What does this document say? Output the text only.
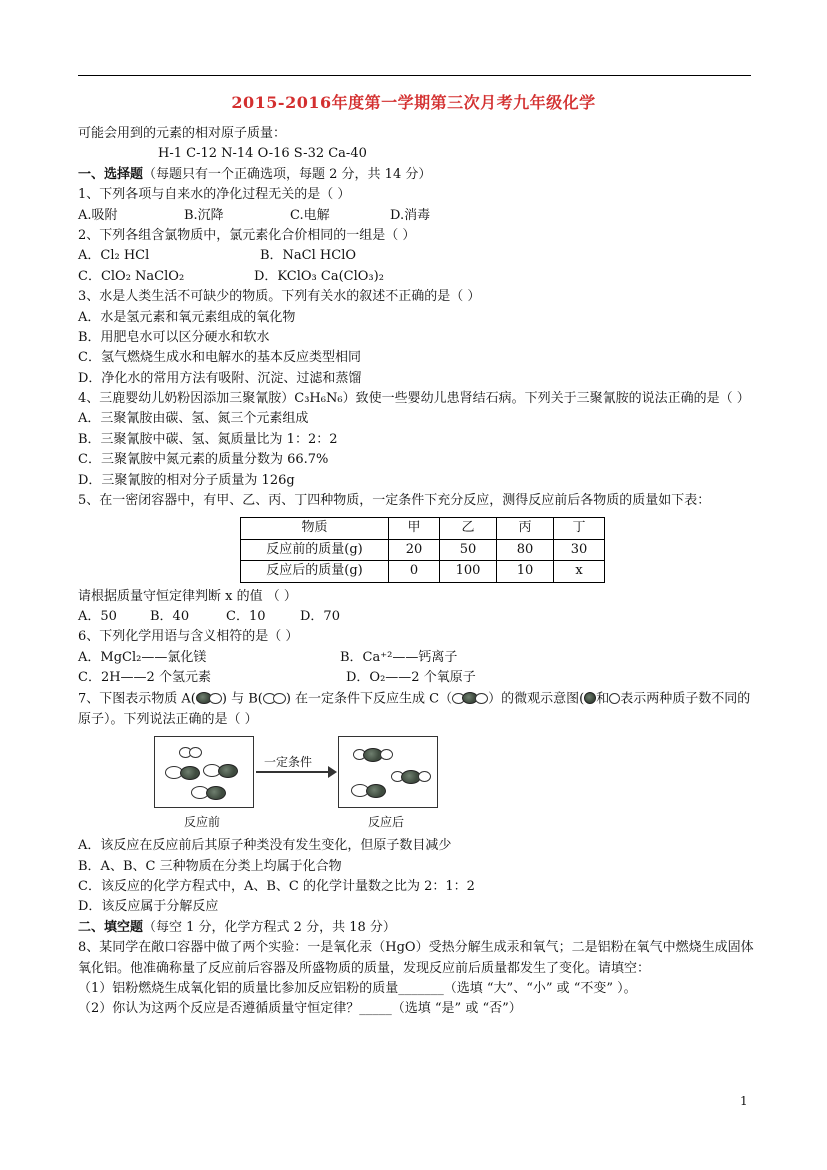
2015-2016年度第一学期第三次月考九年级化学
可能会用到的元素的相对原子质量：
H-1 C-12 N-14 O-16 S-32 Ca-40
一、选择题（每题只有一个正确选项，每题 2 分，共 14 分）
1、下列各项与自来水的净化过程无关的是（ ）
A.吸附	B.沉降	C.电解	D.消毒
2、下列各组含氯物质中，氯元素化合价相同的一组是（ ）
A．Cl₂ HCl	B．NaCl HClO
C．ClO₂ NaClO₂	D．KClO₃ Ca(ClO₃)₂
3、水是人类生活不可缺少的物质。下列有关水的叙述不正确的是（ ）
A．水是氢元素和氧元素组成的氧化物
B．用肥皂水可以区分硬水和软水
C．氢气燃烧生成水和电解水的基本反应类型相同
D．净化水的常用方法有吸附、沉淀、过滤和蒸馏
4、三鹿婴幼儿奶粉因添加三聚氰胺）C₃H₆N₆）致使一些婴幼儿患肾结石病。下列关于三聚氰胺的说法正确的是（ ）
A．三聚氰胺由碳、氢、氮三个元素组成
B．三聚氰胺中碳、氢、氮质量比为 1：2：2
C．三聚氰胺中氮元素的质量分数为 66.7%
D．三聚氰胺的相对分子质量为 126g
5、在一密闭容器中，有甲、乙、丙、丁四种物质，一定条件下充分反应，测得反应前后各物质的质量如下表：
物质	甲	乙	丙	丁
反应前的质量(g)	20	50	80	30
反应后的质量(g)	0	100	10	x
请根据质量守恒定律判断 x 的值 （ ）
A．50	B．40	C．10	D．70
6、下列化学用语与含义相符的是（ ）
A．MgCl₂——氯化镁	B．Ca⁺²——钙离子
C．2H——2 个氢元素	D．O₂——2 个氧原子
7、下图表示物质 A( ) 与 B( ) 在一定条件下反应生成 C（	）的微观示意图( 和 表示两种质子数不同的原子）。下列说法正确的是（ ）
一定条件
反应前	反应后
A．该反应在反应前后其原子种类没有发生变化，但原子数目减少
B．A、B、C 三种物质在分类上均属于化合物
C．该反应的化学方程式中，A、B、C 的化学计量数之比为 2：1：2
D．该反应属于分解反应
二、填空题（每空 1 分，化学方程式 2 分，共 18 分）
8、某同学在敞口容器中做了两个实验：一是氧化汞（HgO）受热分解生成汞和氧气；二是铝粉在氧气中燃烧生成固体氧化铝。他准确称量了反应前后容器及所盛物质的质量，发现反应前后质量都发生了变化。请填空：
（1）铝粉燃烧生成氧化铝的质量比参加反应铝粉的质量_______（选填 “大”、“小” 或 “不变” ）。
（2）你认为这两个反应是否遵循质量守恒定律？_____（选填 “是” 或 “否”）
1
